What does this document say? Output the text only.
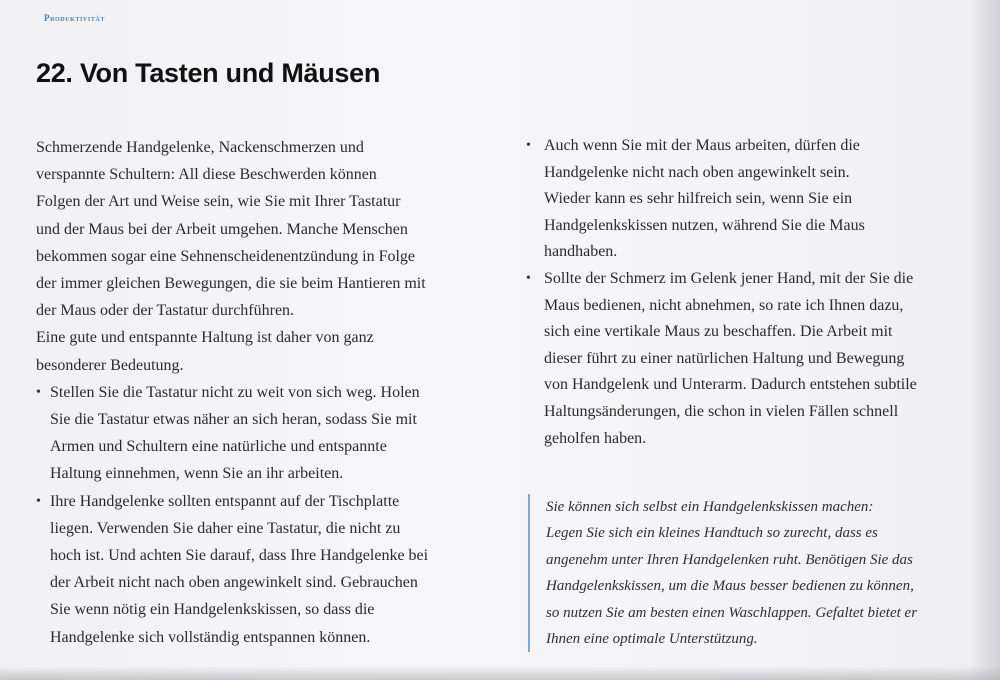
Produktivität
22. Von Tasten und Mäusen

Schmerzende Handgelenke, Nackenschmerzen und
verspannte Schultern: All diese Beschwerden können
Folgen der Art und Weise sein, wie Sie mit Ihrer Tastatur
und der Maus bei der Arbeit umgehen. Manche Menschen
bekommen sogar eine Sehnenscheidenentzündung in Folge
der immer gleichen Bewegungen, die sie beim Hantieren mit
der Maus oder der Tastatur durchführen.

Eine gute und entspannte Haltung ist daher von ganz
besonderer Bedeutung.

• Stellen Sie die Tastatur nicht zu weit von sich weg. Holen
Sie die Tastatur etwas näher an sich heran, sodass Sie mit
Armen und Schultern eine natürliche und entspannte
Haltung einnehmen, wenn Sie an ihr arbeiten.
• Ihre Handgelenke sollten entspannt auf der Tischplatte
liegen. Verwenden Sie daher eine Tastatur, die nicht zu
hoch ist. Und achten Sie darauf, dass Ihre Handgelenke bei
der Arbeit nicht nach oben angewinkelt sind. Gebrauchen
Sie wenn nötig ein Handgelenkskissen, so dass die
Handgelenke sich vollständig entspannen können.
• Auch wenn Sie mit der Maus arbeiten, dürfen die
Handgelenke nicht nach oben angewinkelt sein.
Wieder kann es sehr hilfreich sein, wenn Sie ein
Handgelenkskissen nutzen, während Sie die Maus
handhaben.
• Sollte der Schmerz im Gelenk jener Hand, mit der Sie die
Maus bedienen, nicht abnehmen, so rate ich Ihnen dazu,
sich eine vertikale Maus zu beschaffen. Die Arbeit mit
dieser führt zu einer natürlichen Haltung und Bewegung
von Handgelenk und Unterarm. Dadurch entstehen subtile
Haltungsänderungen, die schon in vielen Fällen schnell
geholfen haben.
Sie können sich selbst ein Handgelenkskissen machen:
Legen Sie sich ein kleines Handtuch so zurecht, dass es
angenehm unter Ihren Handgelenken ruht. Benötigen Sie das
Handgelenkskissen, um die Maus besser bedienen zu können,
so nutzen Sie am besten einen Waschlappen. Gefaltet bietet er
Ihnen eine optimale Unterstützung.
